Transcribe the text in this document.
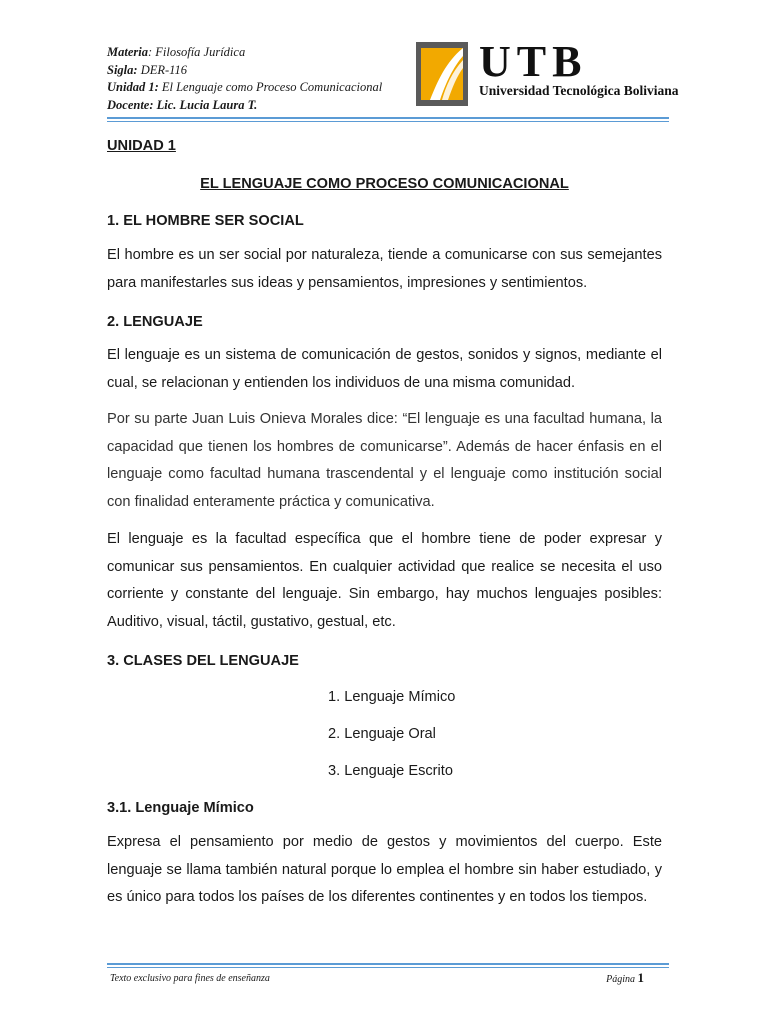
Materia: Filosofía Jurídica
Sigla: DER-116
Unidad 1: El Lenguaje como Proceso Comunicacional
Docente: Lic. Lucia Laura T.
UTB
Universidad Tecnológica Boliviana
UNIDAD 1
EL LENGUAJE COMO PROCESO COMUNICACIONAL
1. EL HOMBRE SER SOCIAL

El hombre es un ser social por naturaleza, tiende a comunicarse con sus semejantes para manifestarles sus ideas y pensamientos, impresiones y sentimientos.

2. LENGUAJE

El lenguaje es un sistema de comunicación de gestos, sonidos y signos, mediante el cual, se relacionan y entienden los individuos de una misma comunidad.

Por su parte Juan Luis Onieva Morales dice: “El lenguaje es una facultad humana, la capacidad que tienen los hombres de comunicarse”. Además de hacer énfasis en el lenguaje como facultad humana trascendental y el lenguaje como institución social con finalidad enteramente práctica y comunicativa.

El lenguaje es la facultad específica que el hombre tiene de poder expresar y comunicar sus pensamientos. En cualquier actividad que realice se necesita el uso corriente y constante del lenguaje. Sin embargo, hay muchos lenguajes posibles: Auditivo, visual, táctil, gustativo, gestual, etc.

3. CLASES DEL LENGUAJE
1. Lenguaje Mímico
2. Lenguaje Oral
3. Lenguaje Escrito
3.1. Lenguaje Mímico

Expresa el pensamiento por medio de gestos y movimientos del cuerpo. Este lenguaje se llama también natural porque lo emplea el hombre sin haber estudiado, y es único para todos los países de los diferentes continentes y en todos los tiempos.

Texto exclusivo para fines de enseñanza	Página 1
